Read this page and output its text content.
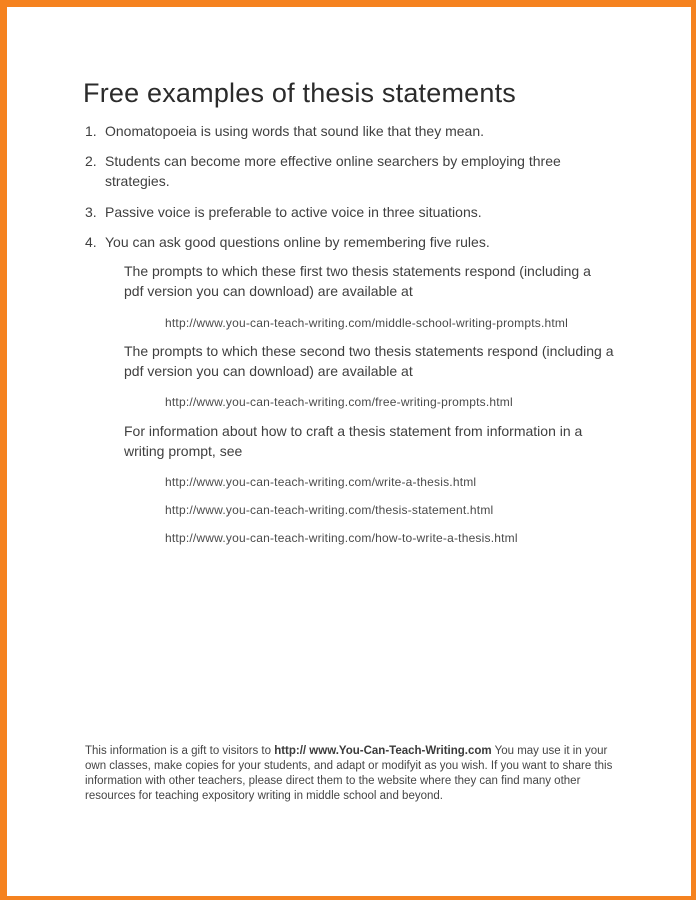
Free examples of thesis statements
1. Onomatopoeia is using words that sound like that they mean.
2. Students can become more effective online searchers by employing three strategies.
3. Passive voice is preferable to active voice in three situations.
4. You can ask good questions online by remembering five rules.

The prompts to which these first two thesis statements respond (including a pdf version you can download) are available at

http://www.you-can-teach-writing.com/middle-school-writing-prompts.html

The prompts to which these second two thesis statements respond (including a pdf version you can download) are available at

http://www.you-can-teach-writing.com/free-writing-prompts.html

For information about how to craft a thesis statement from information in a writing prompt, see

http://www.you-can-teach-writing.com/write-a-thesis.html
http://www.you-can-teach-writing.com/thesis-statement.html
http://www.you-can-teach-writing.com/how-to-write-a-thesis.html

This information is a gift to visitors to http:// www.You-Can-Teach-Writing.com You may use it in your own classes, make copies for your students, and adapt or modifyit as you wish. If you want to share this information with other teachers, please direct them to the website where they can find many other resources for teaching expository writing in middle school and beyond.
